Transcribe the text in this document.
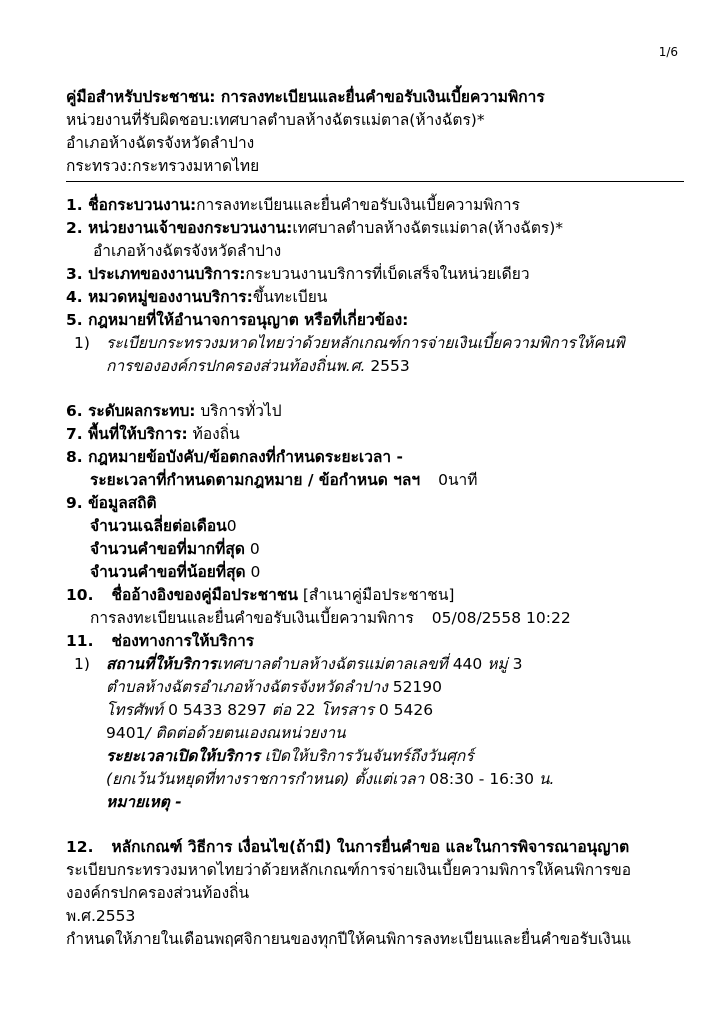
1/6
คู่มือสำหรับประชาชน: การลงทะเบียนและยื่นคำขอรับเงินเบี้ยความพิการ
หน่วยงานที่รับผิดชอบ:เทศบาลตำบลห้างฉัตรแม่ตาล(ห้างฉัตร)*
อำเภอห้างฉัตรจังหวัดลำปาง
กระทรวง:กระทรวงมหาดไทย
1. ชื่อกระบวนงาน:การลงทะเบียนและยื่นคำขอรับเงินเบี้ยความพิการ
2. หน่วยงานเจ้าของกระบวนงาน:เทศบาลตำบลห้างฉัตรแม่ตาล(ห้างฉัตร)*
อำเภอห้างฉัตรจังหวัดลำปาง
3. ประเภทของงานบริการ:กระบวนงานบริการที่เบ็ดเสร็จในหน่วยเดียว
4. หมวดหมู่ของงานบริการ:ขึ้นทะเบียน
5. กฎหมายที่ให้อำนาจการอนุญาต หรือที่เกี่ยวข้อง:
1)	ระเบียบกระทรวงมหาดไทยว่าด้วยหลักเกณฑ์การจ่ายเงินเบี้ยความพิการให้คนพิ
การขององค์กรปกครองส่วนท้องถิ่นพ.ศ. 2553
6. ระดับผลกระทบ: บริการทั่วไป
7. พื้นที่ให้บริการ: ท้องถิ่น
8. กฎหมายข้อบังคับ/ข้อตกลงที่กำหนดระยะเวลา -
ระยะเวลาที่กำหนดตามกฎหมาย / ข้อกำหนด ฯลฯ 0นาที
9. ข้อมูลสถิติ
จำนวนเฉลี่ยต่อเดือน0
จำนวนคำขอที่มากที่สุด 0
จำนวนคำขอที่น้อยที่สุด 0
10. ชื่ออ้างอิงของคู่มือประชาชน [สำเนาคู่มือประชาชน]
การลงทะเบียนและยื่นคำขอรับเงินเบี้ยความพิการ 05/08/2558 10:22
11. ช่องทางการให้บริการ
1)	สถานที่ให้บริการเทศบาลตำบลห้างฉัตรแม่ตาลเลขที่ 440 หมู่ 3
ตำบลห้างฉัตรอำเภอห้างฉัตรจังหวัดลำปาง 52190
โทรศัพท์ 0 5433 8297 ต่อ 22 โทรสาร 0 5426
9401/ ติดต่อด้วยตนเองณหน่วยงาน
ระยะเวลาเปิดให้บริการ เปิดให้บริการวันจันทร์ถึงวันศุกร์
(ยกเว้นวันหยุดที่ทางราชการกำหนด) ตั้งแต่เวลา 08:30 - 16:30 น.
หมายเหตุ -
12. หลักเกณฑ์ วิธีการ เงื่อนไข(ถ้ามี) ในการยื่นคำขอ และในการพิจารณาอนุญาต
ระเบียบกระทรวงมหาดไทยว่าด้วยหลักเกณฑ์การจ่ายเงินเบี้ยความพิการให้คนพิการขอ
งองค์กรปกครองส่วนท้องถิ่น
พ.ศ.2553
กำหนดให้ภายในเดือนพฤศจิกายนของทุกปีให้คนพิการลงทะเบียนและยื่นคำขอรับเงินแ
